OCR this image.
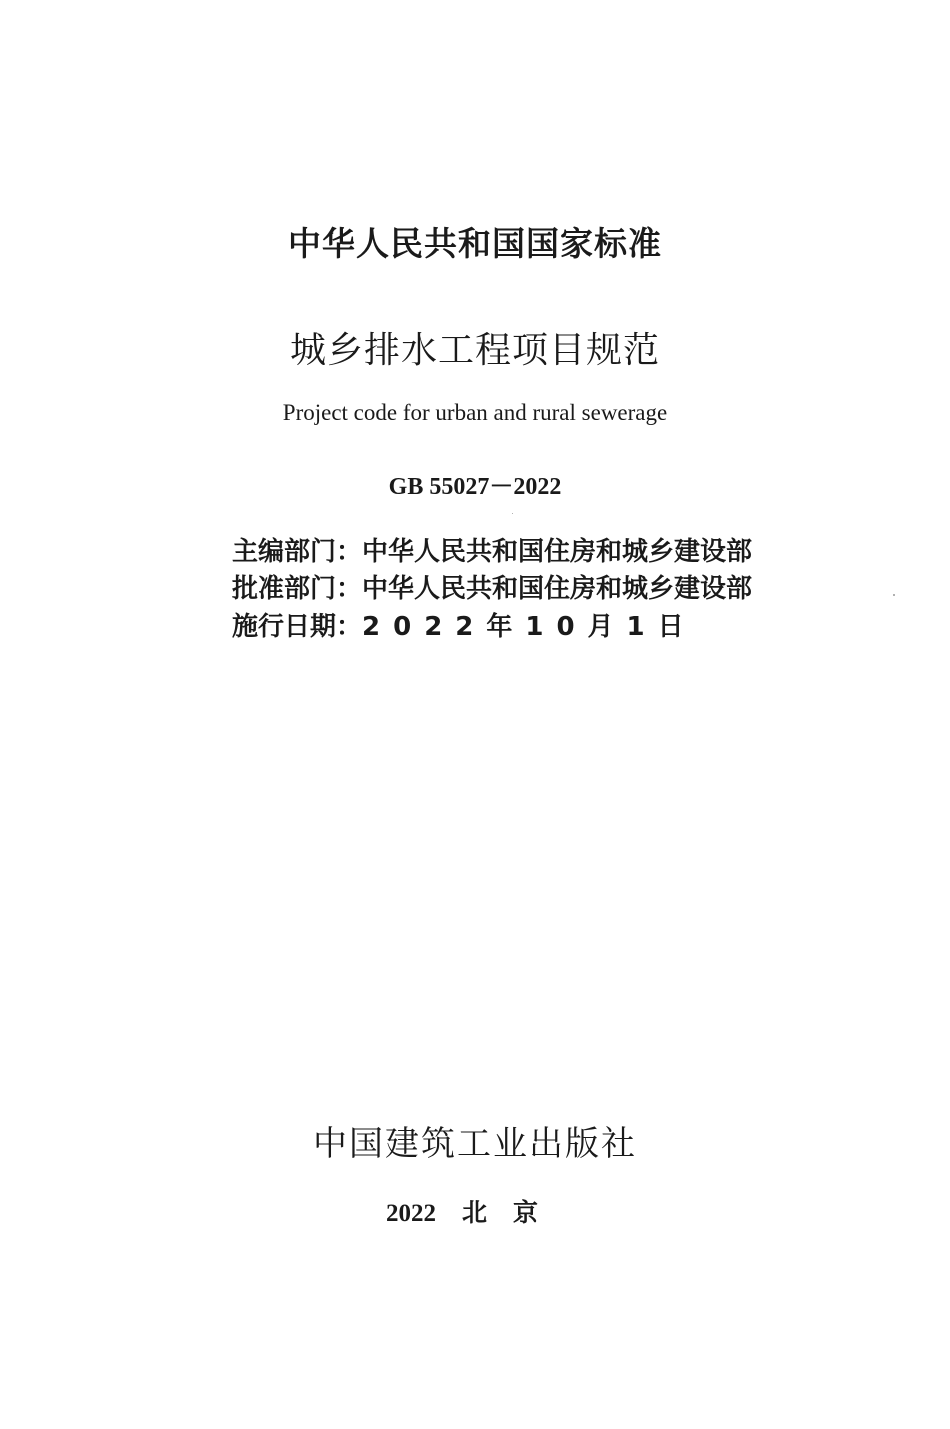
中华人民共和国国家标准
城乡排水工程项目规范
Project code for urban and rural sewerage
GB 55027－2022
主编部门：中华人民共和国住房和城乡建设部
批准部门：中华人民共和国住房和城乡建设部
施行日期：2022年10月1日
中国建筑工业出版社
2022 北京
